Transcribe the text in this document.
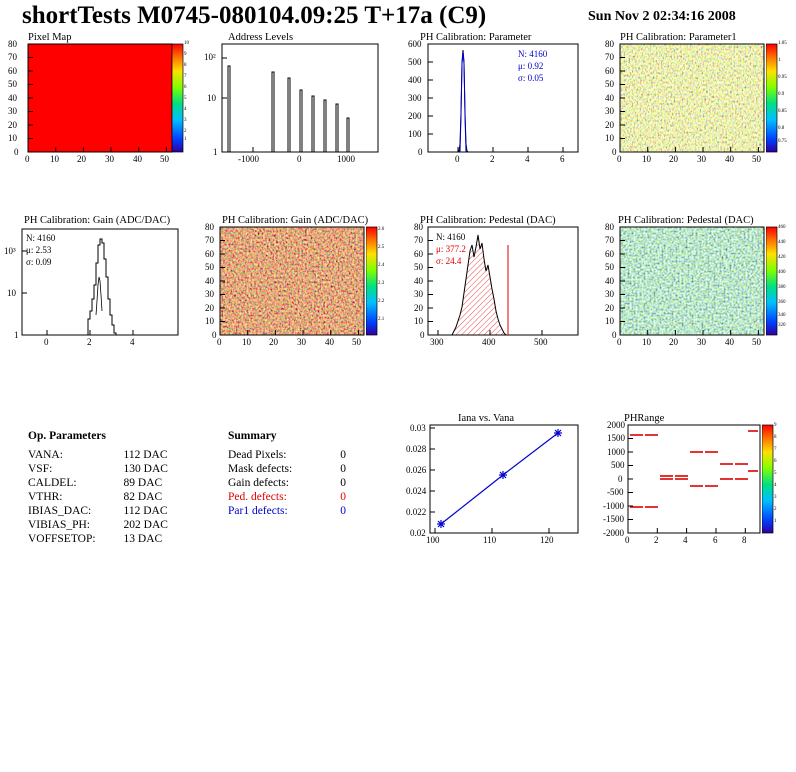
shortTests M0745-080104.09:25 T+17a (C9)	Sun Nov 2 02:34:16 2008
Pixel Map
0
10
20
30
40
50
60
70
80
0 10 20 30 40 50
10
9
8
7
6
5
4
3
2
1
Address Levels
1
10
10²
-1000	0	1000
PH Calibration: Parameter
0
100
200
300
400
500
600
0	2	4	6
N: 4160
μ: 0.92
σ: 0.05
PH Calibration: Parameter1
0
10
20
30
40
50
60
70
80
0 10 20 30 40 50
1.05
1
0.95
0.9
0.85
0.8
0.75
PH Calibration: Gain (ADC/DAC)
1
10
10³
0	2	4
N: 4160
μ: 2.53
σ: 0.09
PH Calibration: Gain (ADC/DAC)
0
10
20
30
40
50
60
70
80
0 10 20 30 40 50
2.6
2.5
2.4
2.3
2.2
2.1
PH Calibration: Pedestal (DAC)
0
10
20
30
40
50
60
70
80
300	400	500
N: 4160
μ: 377.2
σ: 24.4
PH Calibration: Pedestal (DAC)
0
10
20
30
40
50
60
70
80
0 10 20 30 40 50
460
440
420
400
380
360
340
320
Op. Parameters
VANA:	112 DAC
VSF:	130 DAC
CALDEL:	89 DAC
VTHR:	82 DAC
IBIAS_DAC:	112 DAC
VIBIAS_PH:	202 DAC
VOFFSETOP:	13 DAC
Summary
Dead Pixels:	0
Mask defects:	0
Gain defects:	0
Ped. defects:	0
Par1 defects:	0
Iana vs. Vana
0.02
0.022
0.024
0.026
0.028
0.03
100	110	120
PHRange
-2000
-1500
-1000
-500
0
500
1000
1500
2000
0	2	4	6	8
9
8
7
6
5
4
3
2
1
